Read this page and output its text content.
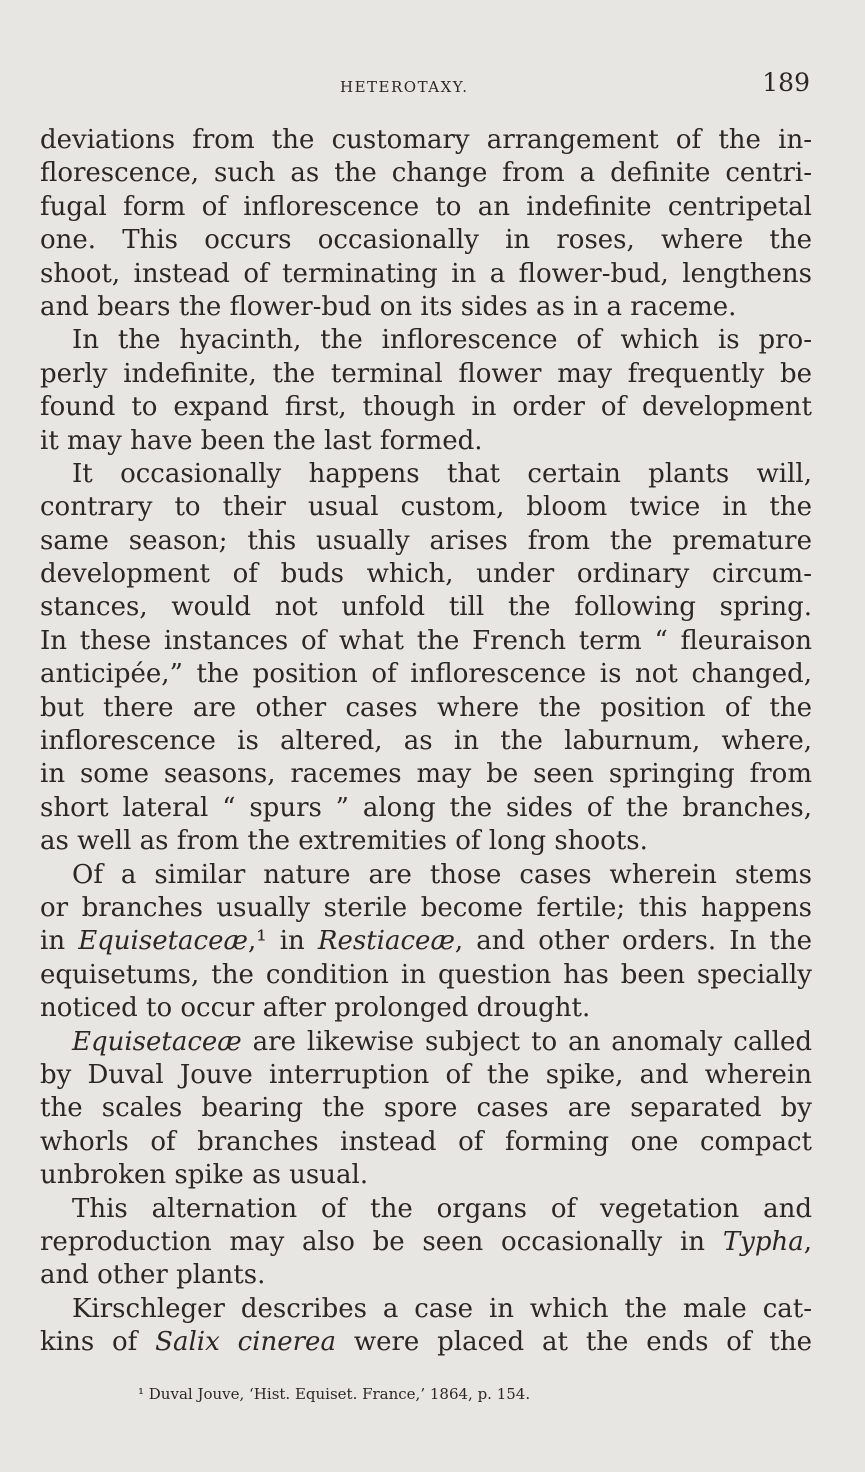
HETEROTAXY.	189
deviations from the customary arrangement of the in-
florescence, such as the change from a definite centri-
fugal form of inflorescence to an indefinite centripetal
one. This occurs occasionally in roses, where the
shoot, instead of terminating in a flower-bud, lengthens
and bears the flower-bud on its sides as in a raceme.
In the hyacinth, the inflorescence of which is pro-
perly indefinite, the terminal flower may frequently be
found to expand first, though in order of development
it may have been the last formed.
It occasionally happens that certain plants will,
contrary to their usual custom, bloom twice in the
same season; this usually arises from the premature
development of buds which, under ordinary circum-
stances, would not unfold till the following spring.
In these instances of what the French term “ fleuraison
anticipée,” the position of inflorescence is not changed,
but there are other cases where the position of the
inflorescence is altered, as in the laburnum, where,
in some seasons, racemes may be seen springing from
short lateral “ spurs ” along the sides of the branches,
as well as from the extremities of long shoots.
Of a similar nature are those cases wherein stems
or branches usually sterile become fertile; this happens
in Equisetaceæ,¹ in Restiaceæ, and other orders. In the
equisetums, the condition in question has been specially
noticed to occur after prolonged drought.
Equisetaceæ are likewise subject to an anomaly called
by Duval Jouve interruption of the spike, and wherein
the scales bearing the spore cases are separated by
whorls of branches instead of forming one compact
unbroken spike as usual.
This alternation of the organs of vegetation and
reproduction may also be seen occasionally in Typha,
and other plants.
Kirschleger describes a case in which the male cat-
kins of Salix cinerea were placed at the ends of the
¹ Duval Jouve, ‘Hist. Equiset. France,’ 1864, p. 154.
